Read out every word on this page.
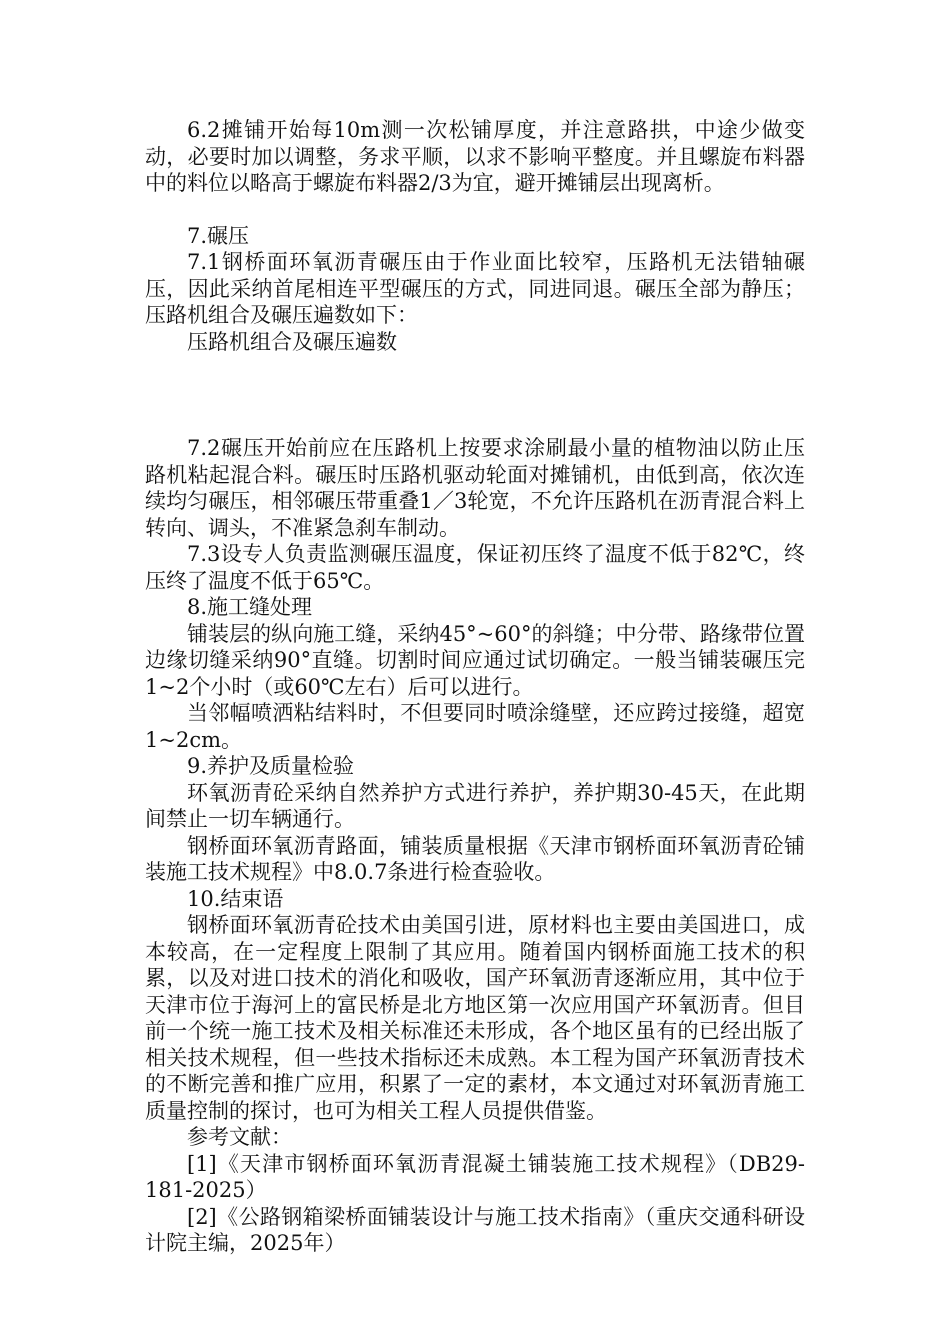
6.2摊铺开始每10m测一次松铺厚度，并注意路拱，中途少做变动，必要时加以调整，务求平顺，以求不影响平整度。并且螺旋布料器中的料位以略高于螺旋布料器2/3为宜，避开摊铺层出现离析。

7.碾压

7.1钢桥面环氧沥青碾压由于作业面比较窄，压路机无法错轴碾压，因此采纳首尾相连平型碾压的方式，同进同退。碾压全部为静压；压路机组合及碾压遍数如下：

压路机组合及碾压遍数

7.2碾压开始前应在压路机上按要求涂刷最小量的植物油以防止压路机粘起混合料。碾压时压路机驱动轮面对摊铺机，由低到高，依次连续均匀碾压，相邻碾压带重叠1／3轮宽，不允许压路机在沥青混合料上转向、调头，不准紧急刹车制动。

7.3设专人负责监测碾压温度，保证初压终了温度不低于82℃，终压终了温度不低于65℃。

8.施工缝处理

铺装层的纵向施工缝，采纳45°~60°的斜缝；中分带、路缘带位置边缘切缝采纳90°直缝。切割时间应通过试切确定。一般当铺装碾压完1~2个小时（或60℃左右）后可以进行。

当邻幅喷洒粘结料时，不但要同时喷涂缝壁，还应跨过接缝，超宽1~2cm。

9.养护及质量检验

环氧沥青砼采纳自然养护方式进行养护，养护期30-45天，在此期间禁止一切车辆通行。

钢桥面环氧沥青路面，铺装质量根据《天津市钢桥面环氧沥青砼铺装施工技术规程》中8.0.7条进行检查验收。

10.结束语

钢桥面环氧沥青砼技术由美国引进，原材料也主要由美国进口，成本较高，在一定程度上限制了其应用。随着国内钢桥面施工技术的积累，以及对进口技术的消化和吸收，国产环氧沥青逐渐应用，其中位于天津市位于海河上的富民桥是北方地区第一次应用国产环氧沥青。但目前一个统一施工技术及相关标准还未形成，各个地区虽有的已经出版了相关技术规程，但一些技术指标还未成熟。本工程为国产环氧沥青技术的不断完善和推广应用，积累了一定的素材，本文通过对环氧沥青施工质量控制的探讨，也可为相关工程人员提供借鉴。

参考文献：

[1]《天津市钢桥面环氧沥青混凝土铺装施工技术规程》（DB29-181-2025）

[2]《公路钢箱梁桥面铺装设计与施工技术指南》（重庆交通科研设计院主编，2025年）
